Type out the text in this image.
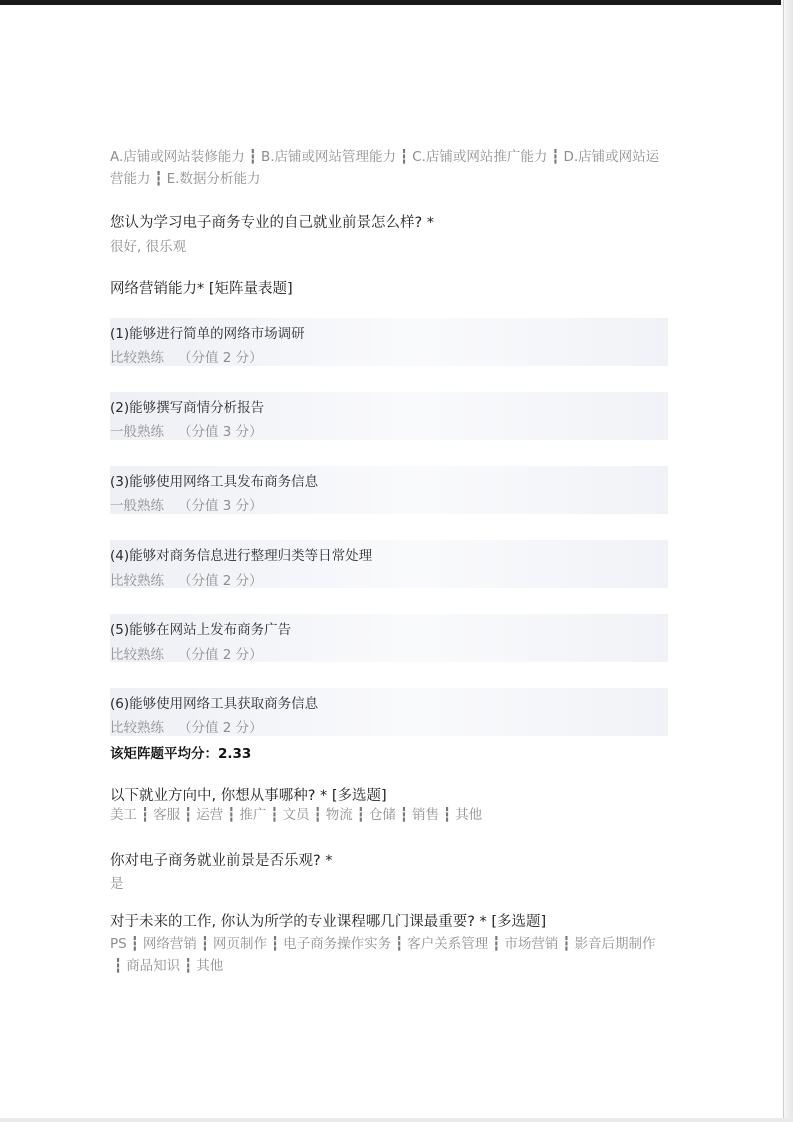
A.店铺或网站装修能力 ┇ B.店铺或网站管理能力 ┇ C.店铺或网站推广能力 ┇ D.店铺或网站运营能力 ┇ E.数据分析能力
您认为学习电子商务专业的自己就业前景怎么样? *
很好, 很乐观
网络营销能力* [矩阵量表题]
(1)能够进行简单的网络市场调研
比较熟练 （分值 2 分）
(2)能够撰写商情分析报告
一般熟练 （分值 3 分）
(3)能够使用网络工具发布商务信息
一般熟练 （分值 3 分）
(4)能够对商务信息进行整理归类等日常处理
比较熟练 （分值 2 分）
(5)能够在网站上发布商务广告
比较熟练 （分值 2 分）
(6)能够使用网络工具获取商务信息
比较熟练 （分值 2 分）
该矩阵题平均分：2.33
以下就业方向中, 你想从事哪种? * [多选题]
美工 ┇ 客服 ┇ 运营 ┇ 推广 ┇ 文员 ┇ 物流 ┇ 仓储 ┇ 销售 ┇ 其他
你对电子商务就业前景是否乐观? *
是
对于未来的工作, 你认为所学的专业课程哪几门课最重要? * [多选题]
PS ┇ 网络营销 ┇ 网页制作 ┇ 电子商务操作实务 ┇ 客户关系管理 ┇ 市场营销 ┇ 影音后期制作┇ 商品知识 ┇ 其他
